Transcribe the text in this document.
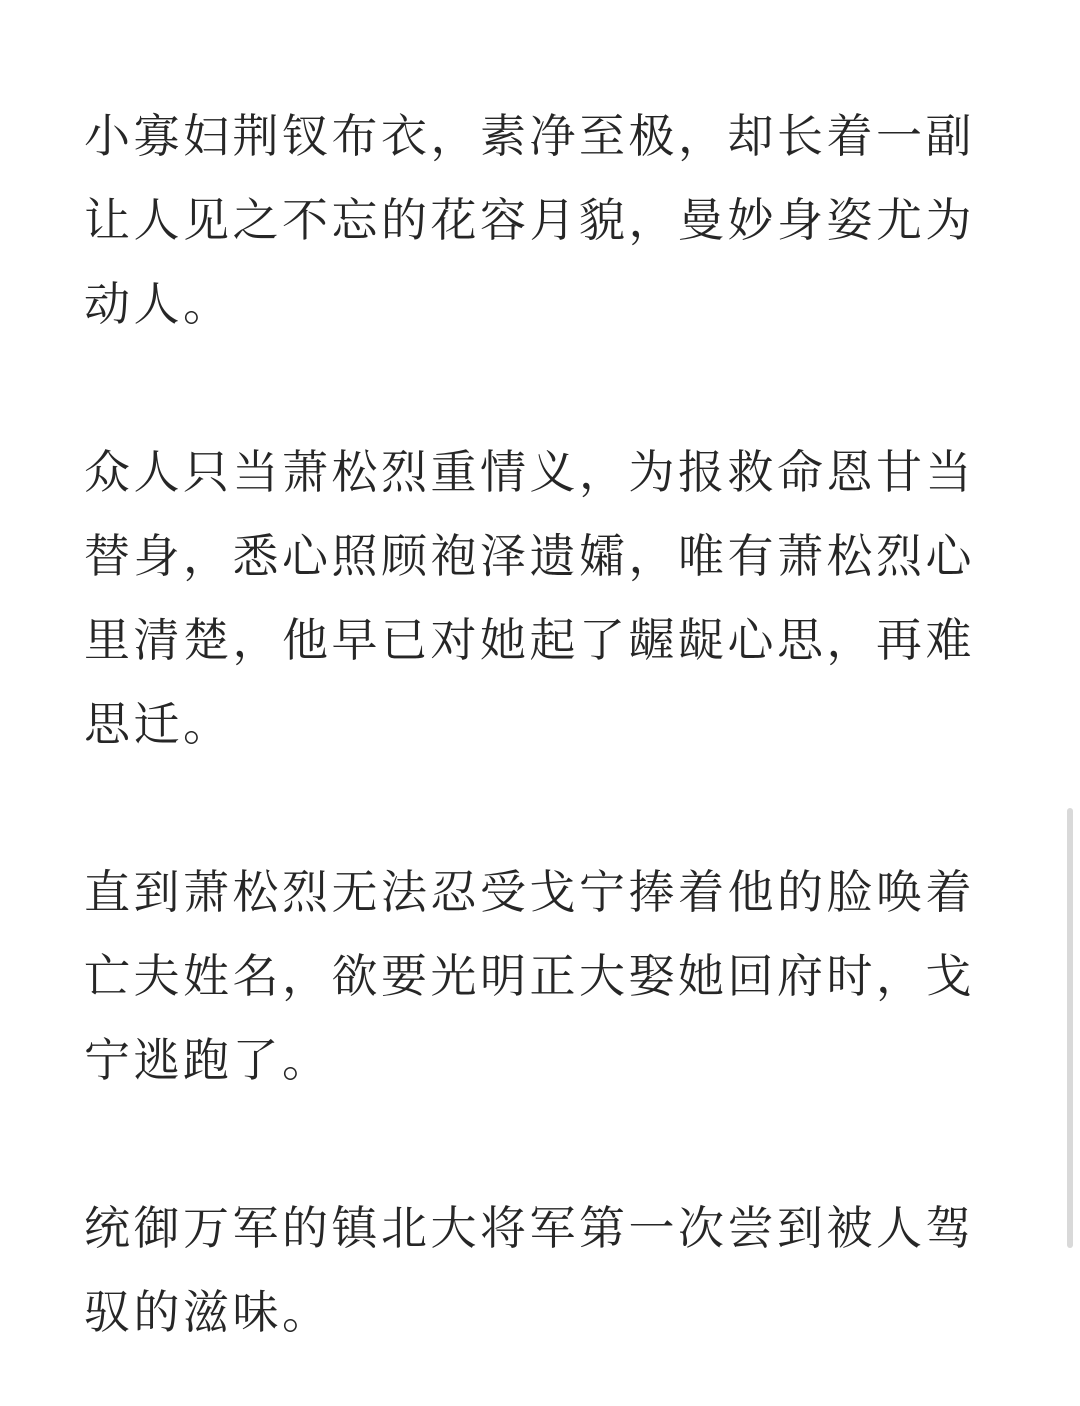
小寡妇荆钗布衣，素净至极，却长着一副
让人见之不忘的花容月貌，曼妙身姿尤为
动人。

众人只当萧松烈重情义，为报救命恩甘当
替身，悉心照顾袍泽遗孀，唯有萧松烈心
里清楚，他早已对她起了龌龊心思，再难
思迁。

直到萧松烈无法忍受戈宁捧着他的脸唤着
亡夫姓名，欲要光明正大娶她回府时，戈
宁逃跑了。

统御万军的镇北大将军第一次尝到被人驾
驭的滋味。
